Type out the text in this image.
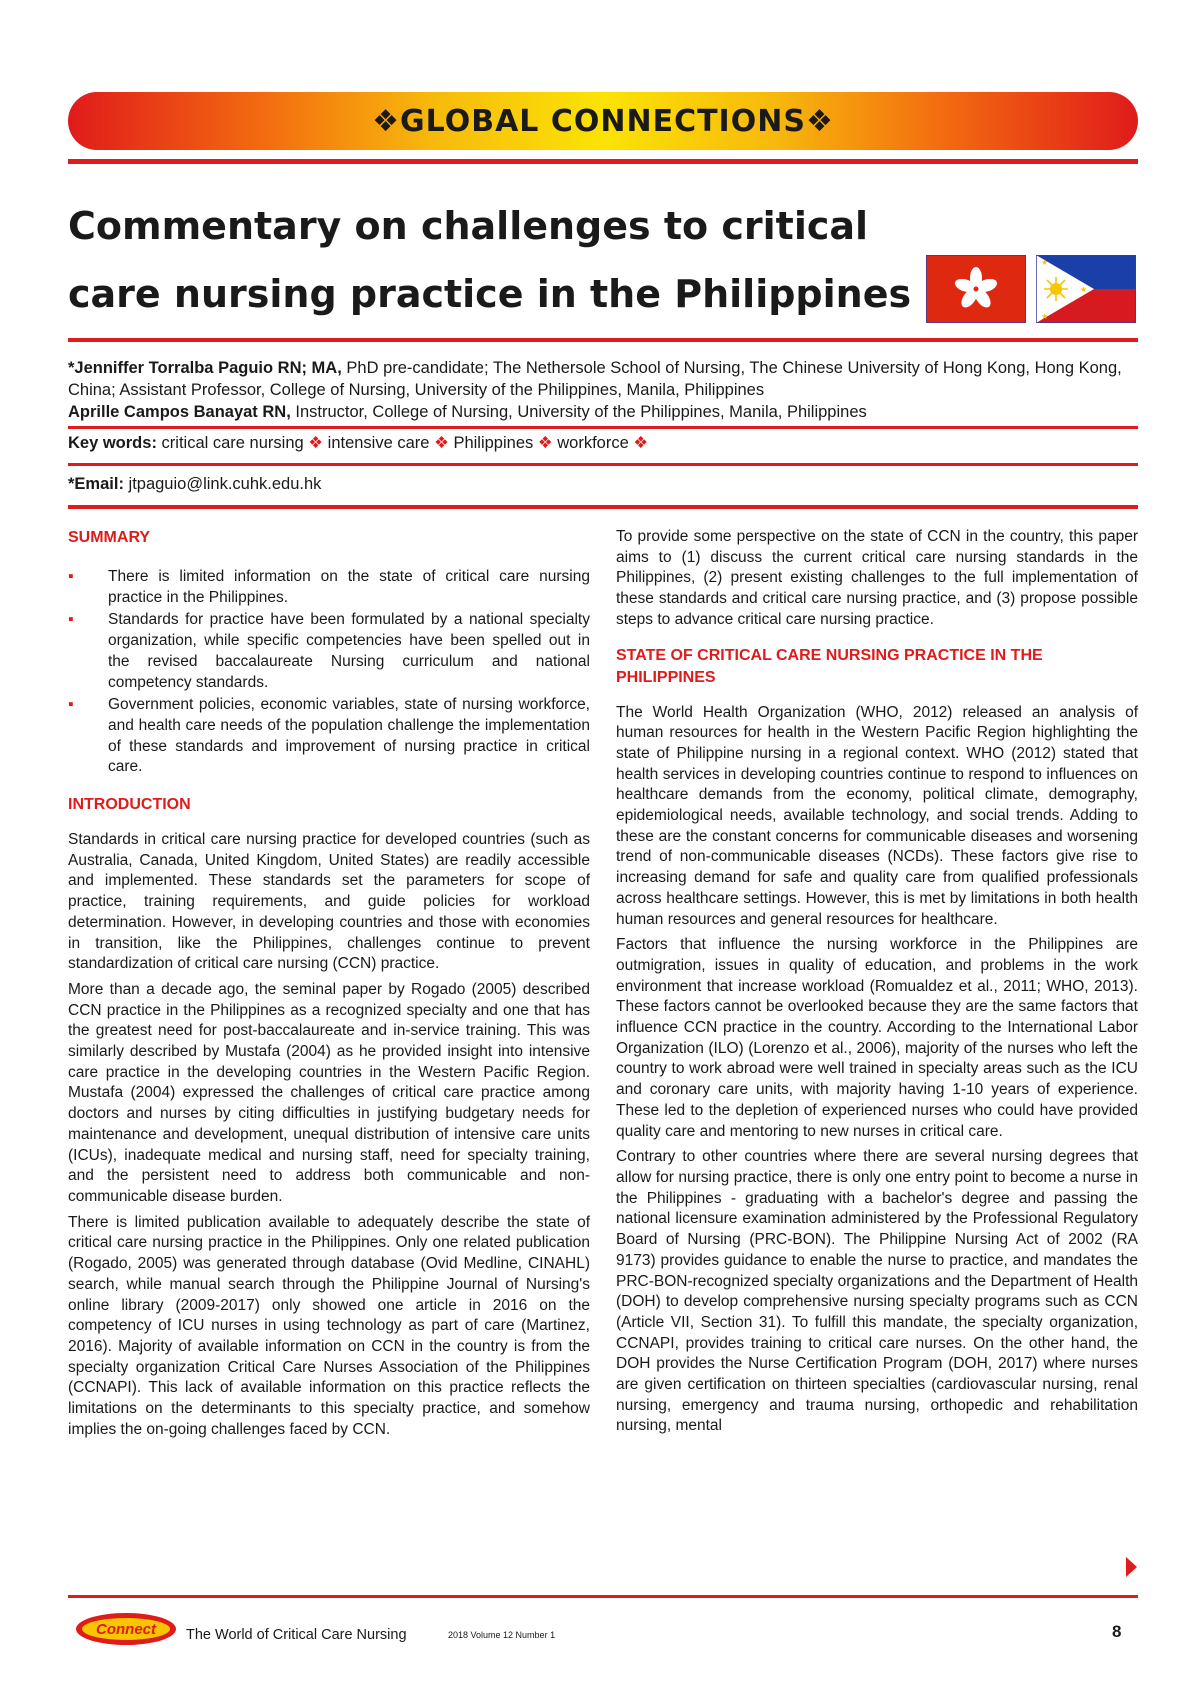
❖GLOBAL CONNECTIONS❖
Commentary on challenges to critical care nursing practice in the Philippines
★
★
★
*Jenniffer Torralba Paguio RN; MA, PhD pre-candidate; The Nethersole School of Nursing, The Chinese University of Hong Kong, Hong Kong, China; Assistant Professor, College of Nursing, University of the Philippines, Manila, Philippines
Aprille Campos Banayat RN, Instructor, College of Nursing, University of the Philippines, Manila, Philippines
Key words: critical care nursing ❖ intensive care ❖ Philippines ❖ workforce ❖
*Email: jtpaguio@link.cuhk.edu.hk
SUMMARY
▪ There is limited information on the state of critical care nursing practice in the Philippines.
▪ Standards for practice have been formulated by a national specialty organization, while specific competencies have been spelled out in the revised baccalaureate Nursing curriculum and national competency standards.
▪ Government policies, economic variables, state of nursing workforce, and health care needs of the population challenge the implementation of these standards and improvement of nursing practice in critical care.
INTRODUCTION

Standards in critical care nursing practice for developed countries (such as Australia, Canada, United Kingdom, United States) are readily accessible and implemented. These standards set the parameters for scope of practice, training requirements, and guide policies for workload determination. However, in developing countries and those with economies in transition, like the Philippines, challenges continue to prevent standardization of critical care nursing (CCN) practice.

More than a decade ago, the seminal paper by Rogado (2005) described CCN practice in the Philippines as a recognized specialty and one that has the greatest need for post-baccalaureate and in-service training. This was similarly described by Mustafa (2004) as he provided insight into intensive care practice in the developing countries in the Western Pacific Region. Mustafa (2004) expressed the challenges of critical care practice among doctors and nurses by citing difficulties in justifying budgetary needs for maintenance and development, unequal distribution of intensive care units (ICUs), inadequate medical and nursing staff, need for specialty training, and the persistent need to address both communicable and non-communicable disease burden.

There is limited publication available to adequately describe the state of critical care nursing practice in the Philippines. Only one related publication (Rogado, 2005) was generated through database (Ovid Medline, CINAHL) search, while manual search through the Philippine Journal of Nursing's online library (2009-2017) only showed one article in 2016 on the competency of ICU nurses in using technology as part of care (Martinez, 2016). Majority of available information on CCN in the country is from the specialty organization Critical Care Nurses Association of the Philippines (CCNAPI). This lack of available information on this practice reflects the limitations on the determinants to this specialty practice, and somehow implies the on-going challenges faced by CCN.

To provide some perspective on the state of CCN in the country, this paper aims to (1) discuss the current critical care nursing standards in the Philippines, (2) present existing challenges to the full implementation of these standards and critical care nursing practice, and (3) propose possible steps to advance critical care nursing practice.

STATE OF CRITICAL CARE NURSING PRACTICE IN THE PHILIPPINES

The World Health Organization (WHO, 2012) released an analysis of human resources for health in the Western Pacific Region highlighting the state of Philippine nursing in a regional context. WHO (2012) stated that health services in developing countries continue to respond to influences on healthcare demands from the economy, political climate, demography, epidemiological needs, available technology, and social trends. Adding to these are the constant concerns for communicable diseases and worsening trend of non-communicable diseases (NCDs). These factors give rise to increasing demand for safe and quality care from qualified professionals across healthcare settings. However, this is met by limitations in both health human resources and general resources for healthcare.

Factors that influence the nursing workforce in the Philippines are outmigration, issues in quality of education, and problems in the work environment that increase workload (Romualdez et al., 2011; WHO, 2013). These factors cannot be overlooked because they are the same factors that influence CCN practice in the country. According to the International Labor Organization (ILO) (Lorenzo et al., 2006), majority of the nurses who left the country to work abroad were well trained in specialty areas such as the ICU and coronary care units, with majority having 1-10 years of experience. These led to the depletion of experienced nurses who could have provided quality care and mentoring to new nurses in critical care.

Contrary to other countries where there are several nursing degrees that allow for nursing practice, there is only one entry point to become a nurse in the Philippines - graduating with a bachelor's degree and passing the national licensure examination administered by the Professional Regulatory Board of Nursing (PRC-BON). The Philippine Nursing Act of 2002 (RA 9173) provides guidance to enable the nurse to practice, and mandates the PRC-BON-recognized specialty organizations and the Department of Health (DOH) to develop comprehensive nursing specialty programs such as CCN (Article VII, Section 31). To fulfill this mandate, the specialty organization, CCNAPI, provides training to critical care nurses. On the other hand, the DOH provides the Nurse Certification Program (DOH, 2017) where nurses are given certification on thirteen specialties (cardiovascular nursing, renal nursing, emergency and trauma nursing, orthopedic and rehabilitation nursing, mental

Connect The World of Critical Care Nursing	2018 Volume 12 Number 1	8
